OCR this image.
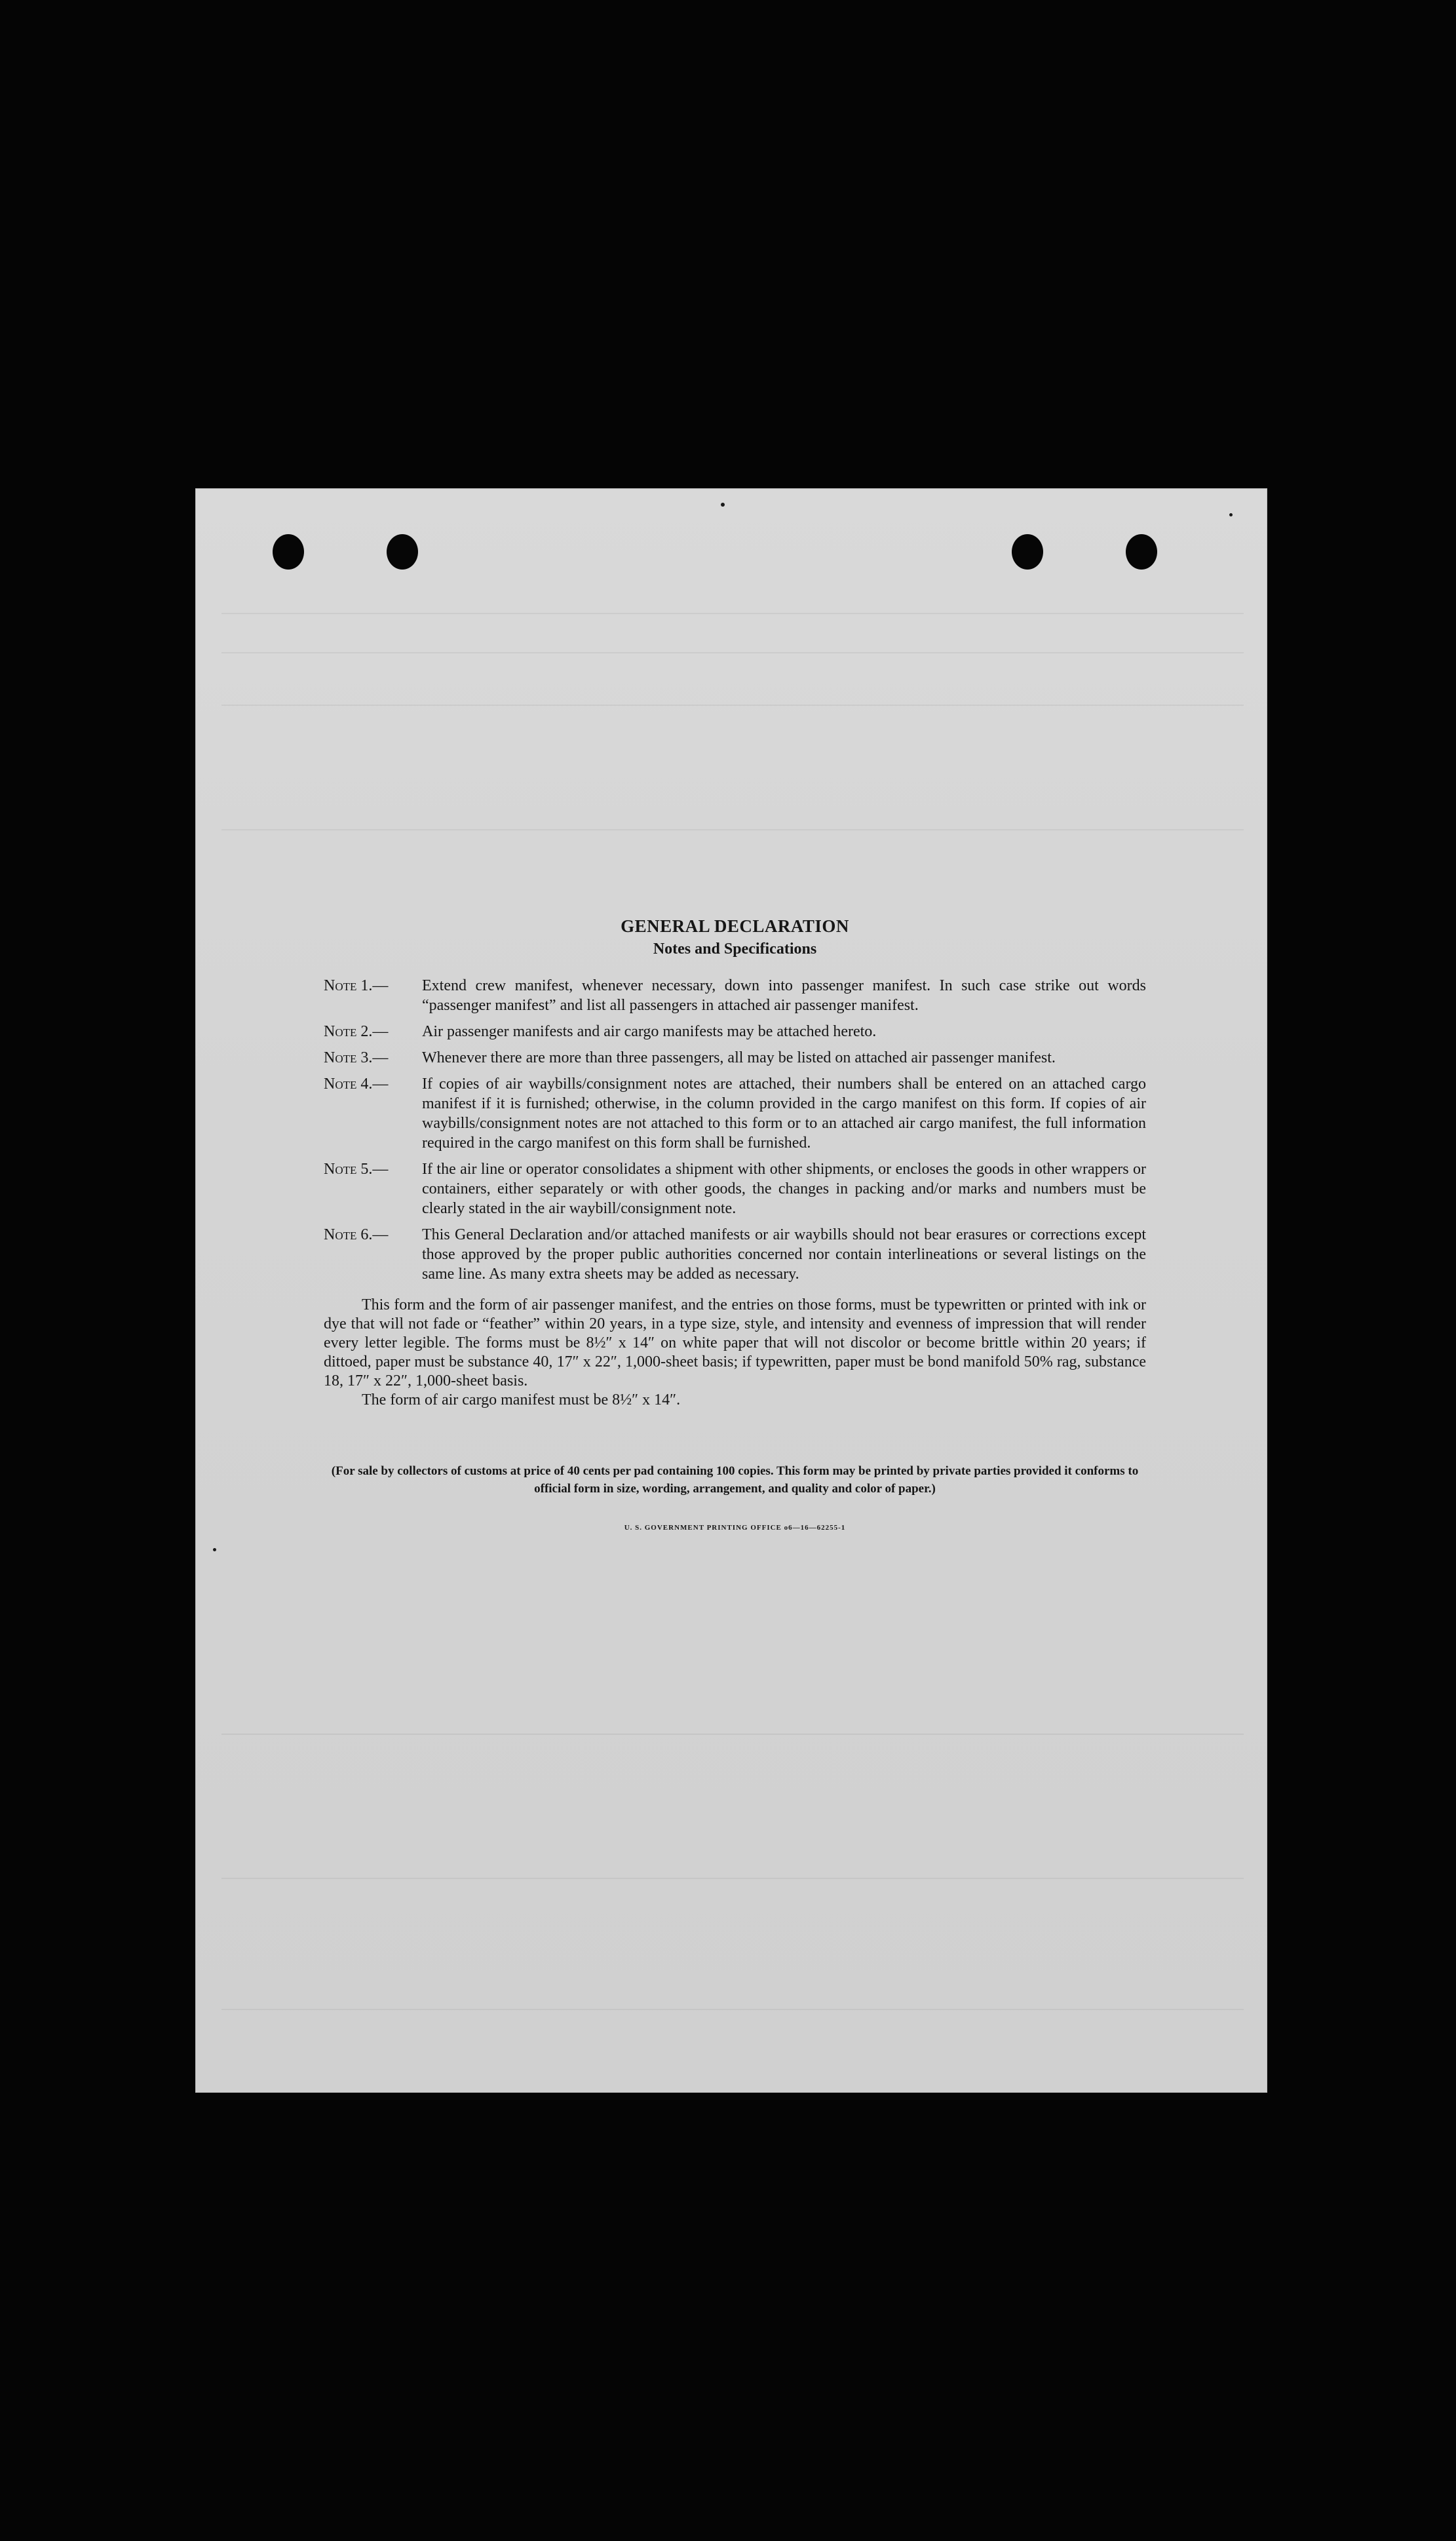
GENERAL DECLARATION
Notes and Specifications
Note 1.—	Extend crew manifest, whenever necessary, down into passenger manifest. In such case strike out words “passenger manifest” and list all passengers in attached air passenger manifest.
Note 2.—	Air passenger manifests and air cargo manifests may be attached hereto.
Note 3.—	Whenever there are more than three passengers, all may be listed on attached air passenger manifest.
Note 4.—	If copies of air waybills/consignment notes are attached, their numbers shall be entered on an attached cargo manifest if it is furnished; otherwise, in the column provided in the cargo manifest on this form. If copies of air waybills/consignment notes are not attached to this form or to an attached air cargo manifest, the full information required in the cargo manifest on this form shall be furnished.
Note 5.—	If the air line or operator consolidates a shipment with other shipments, or encloses the goods in other wrappers or containers, either separately or with other goods, the changes in packing and/or marks and numbers must be clearly stated in the air waybill/consignment note.
Note 6.—	This General Declaration and/or attached manifests or air waybills should not bear erasures or corrections except those approved by the proper public authorities concerned nor contain interlineations or several listings on the same line. As many extra sheets may be added as necessary.
This form and the form of air passenger manifest, and the entries on those forms, must be typewritten or printed with ink or dye that will not fade or “feather” within 20 years, in a type size, style, and intensity and evenness of impression that will render every letter legible. The forms must be 8½″ x 14″ on white paper that will not discolor or become brittle within 20 years; if dittoed, paper must be substance 40, 17″ x 22″, 1,000-sheet basis; if typewritten, paper must be bond manifold 50% rag, substance 18, 17″ x 22″, 1,000-sheet basis.
The form of air cargo manifest must be 8½″ x 14″.
(For sale by collectors of customs at price of 40 cents per pad containing 100 copies. This form may be printed by private parties provided it conforms to official form in size, wording, arrangement, and quality and color of paper.)
U. S. GOVERNMENT PRINTING OFFICE o6—16—62255-1
